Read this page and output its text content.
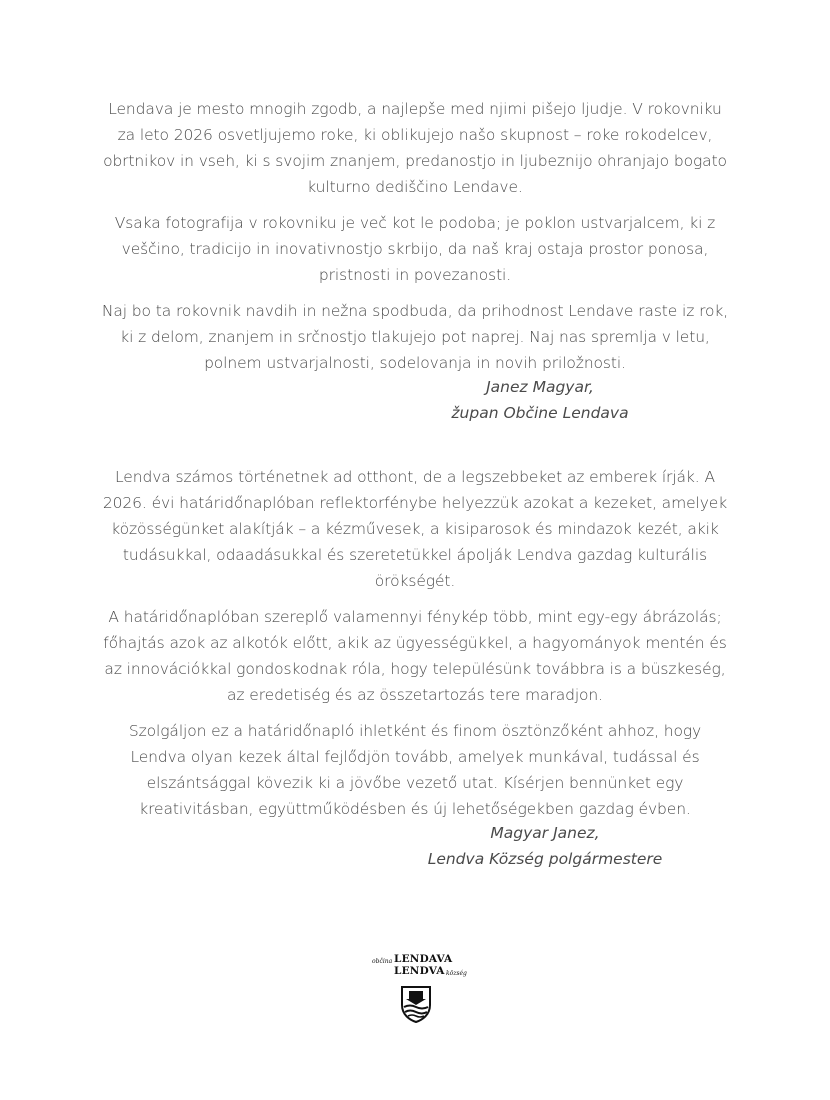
Lendava je mesto mnogih zgodb, a najlepše med njimi pišejo ljudje. V rokovniku za leto 2026 osvetljujemo roke, ki oblikujejo našo skupnost – roke rokodelcev, obrtnikov in vseh, ki s svojim znanjem, predanostjo in ljubeznijo ohranjajo bogato kulturno dediščino Lendave.

Vsaka fotografija v rokovniku je več kot le podoba; je poklon ustvarjalcem, ki z veščino, tradicijo in inovativnostjo skrbijo, da naš kraj ostaja prostor ponosa, pristnosti in povezanosti.

Naj bo ta rokovnik navdih in nežna spodbuda, da prihodnost Lendave raste iz rok, ki z delom, znanjem in srčnostjo tlakujejo pot naprej. Naj nas spremlja v letu, polnem ustvarjalnosti, sodelovanja in novih priložnosti.

Janez Magyar,
župan Občine Lendava

Lendva számos történetnek ad otthont, de a legszebbeket az emberek írják. A 2026. évi határidőnaplóban reflektorfénybe helyezzük azokat a kezeket, amelyek közösségünket alakítják – a kézművesek, a kisiparosok és mindazok kezét, akik tudásukkal, odaadásukkal és szeretetükkel ápolják Lendva gazdag kulturális örökségét.

A határidőnaplóban szereplő valamennyi fénykép több, mint egy-egy ábrázolás; főhajtás azok az alkotók előtt, akik az ügyességükkel, a hagyományok mentén és az innovációkkal gondoskodnak róla, hogy településünk továbbra is a büszkeség, az eredetiség és az összetartozás tere maradjon.

Szolgáljon ez a határidőnapló ihletként és finom ösztönzőként ahhoz, hogy Lendva olyan kezek által fejlődjön tovább, amelyek munkával, tudással és elszántsággal kövezik ki a jövőbe vezető utat. Kísérjen bennünket egy kreativitásban, együttműködésben és új lehetőségekben gazdag évben.

Magyar Janez,
Lendva Község polgármestere
občina LENDAVA
LENDVA község
